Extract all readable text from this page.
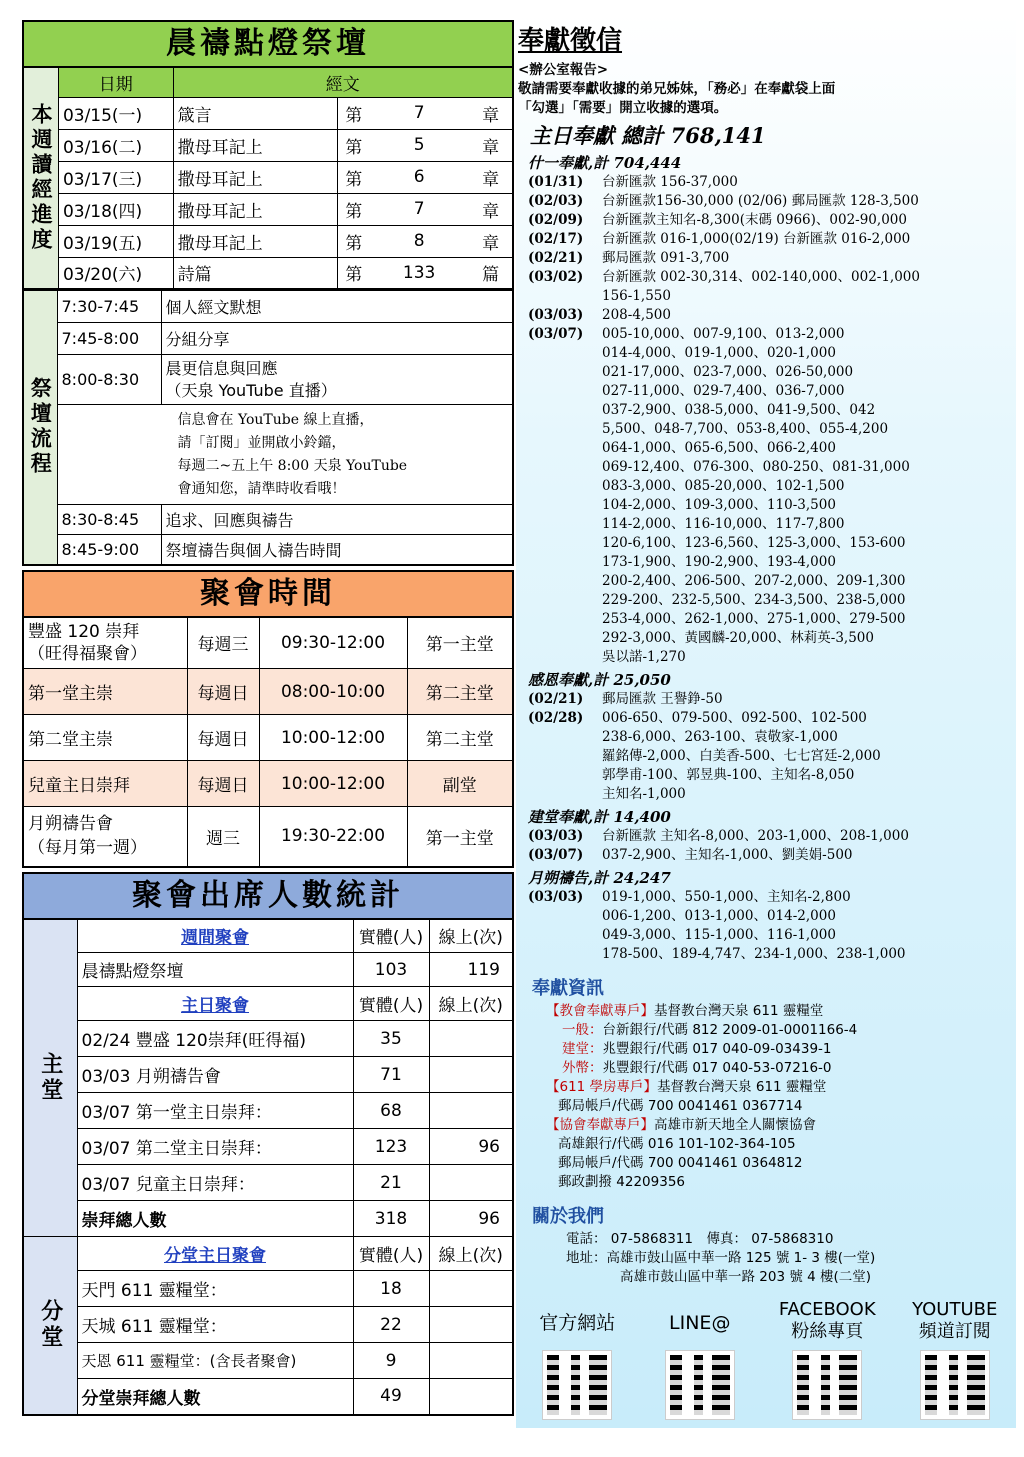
晨禱點燈祭壇
本週讀經進度	日期	經文			
	03/15(一)	箴言	第	7	章
	03/16(二)	撒母耳記上	第	5	章
	03/17(三)	撒母耳記上	第	6	章
	03/18(四)	撒母耳記上	第	7	章
	03/19(五)	撒母耳記上	第	8	章
	03/20(六)	詩篇	第	133	篇
祭壇流程	7:30-7:45	個人經文默想
	7:45-8:00	分組分享
	8:00-8:30	晨更信息與回應
（天泉 YouTube 直播）
	信息會在 YouTube 線上直播，
請「訂閱」並開啟小鈴鐺，
每週二~五上午 8:00 天泉 YouTube
會通知您，請準時收看哦！	
	8:30-8:45	追求、回應與禱告
	8:45-9:00	祭壇禱告與個人禱告時間
聚會時間
豐盛 120 崇拜
（旺得福聚會）	每週三	09:30-12:00	第一主堂
第一堂主崇	每週日	08:00-10:00	第二主堂
第二堂主崇	每週日	10:00-12:00	第二主堂
兒童主日崇拜	每週日	10:00-12:00	副堂
月朔禱告會
（每月第一週）	週三	19:30-22:00	第一主堂
聚會出席人數統計
主堂	週間聚會	實體(人)	線上(次)
	晨禱點燈祭壇	103	119
	主日聚會	實體(人)	線上(次)
	02/24 豐盛 120崇拜(旺得福)	35	
	03/03 月朔禱告會	71	
	03/07 第一堂主日崇拜：	68	
	03/07 第二堂主日崇拜：	123	96
	03/07 兒童主日崇拜：	21	
	崇拜總人數	318	96
分堂	分堂主日聚會	實體(人)	線上(次)
	天門 611 靈糧堂：	18	
	天城 611 靈糧堂：	22	
	天恩 611 靈糧堂：(含長者聚會)	9	
	分堂崇拜總人數	49	
奉獻徵信
<辦公室報告>
敬請需要奉獻收據的弟兄姊妹，「務必」在奉獻袋上面
「勾選」「需要」開立收據的選項。
主日奉獻 總計 768,141
什一奉獻,計 704,444
(01/31) 台新匯款 156-37,000
(02/03) 台新匯款156-30,000 (02/06) 郵局匯款 128-3,500
(02/09) 台新匯款主知名-8,300(末碼 0966)、002-90,000
(02/17) 台新匯款 016-1,000(02/19) 台新匯款 016-2,000
(02/21) 郵局匯款 091-3,700
(03/02)	台新匯款 002-30,314、002-140,000、002-1,000
156-1,550
(03/03) 208-4,500
(03/07)	005-10,000、007-9,100、013-2,000
014-4,000、019-1,000、020-1,000
021-17,000、023-7,000、026-50,000
027-11,000、029-7,400、036-7,000
037-2,900、038-5,000、041-9,500、042
5,500、048-7,700、053-8,400、055-4,200
064-1,000、065-6,500、066-2,400
069-12,400、076-300、080-250、081-31,000
083-3,000、085-20,000、102-1,500
104-2,000、109-3,000、110-3,500
114-2,000、116-10,000、117-7,800
120-6,100、123-6,560、125-3,000、153-600
173-1,900、190-2,900、193-4,000
200-2,400、206-500、207-2,000、209-1,300
229-200、232-5,500、234-3,500、238-5,000
253-4,000、262-1,000、275-1,000、279-500
292-3,000、黃國麟-20,000、林莉英-3,500
吳以諾-1,270
感恩奉獻,計 25,050
(02/21) 郵局匯款 王譽錚-50
(02/28)	006-650、079-500、092-500、102-500
238-6,000、263-100、袁敬家-1,000
羅銘傳-2,000、白美香-500、七七宮廷-2,000
郭學甫-100、郭昱典-100、主知名-8,050
主知名-1,000
建堂奉獻,計 14,400
(03/03) 台新匯款 主知名-8,000、203-1,000、208-1,000
(03/07) 037-2,900、主知名-1,000、劉美娟-500
月朔禱告,計 24,247
(03/03)	019-1,000、550-1,000、主知名-2,800
006-1,200、013-1,000、014-2,000
049-3,000、115-1,000、116-1,000
178-500、189-4,747、234-1,000、238-1,000
奉獻資訊
【教會奉獻專戶】基督教台灣天泉 611 靈糧堂
一般：台新銀行/代碼 812 2009-01-0001166-4
建堂：兆豐銀行/代碼 017 040-09-03439-1
外幣：兆豐銀行/代碼 017 040-53-07216-0
【611 學房專戶】基督教台灣天泉 611 靈糧堂
郵局帳戶/代碼 700 0041461 0367714
【協會奉獻專戶】高雄市新天地全人關懷協會
高雄銀行/代碼 016 101-102-364-105
郵局帳戶/代碼 700 0041461 0364812
郵政劃撥 42209356
關於我們
電話： 07-5868311　傳真： 07-5868310
地址：高雄市鼓山區中華一路 125 號 1- 3 樓(一堂)
高雄市鼓山區中華一路 203 號 4 樓(二堂)
官方網站	LINE@
FACEBOOK
粉絲專頁
YOUTUBE
頻道訂閱
